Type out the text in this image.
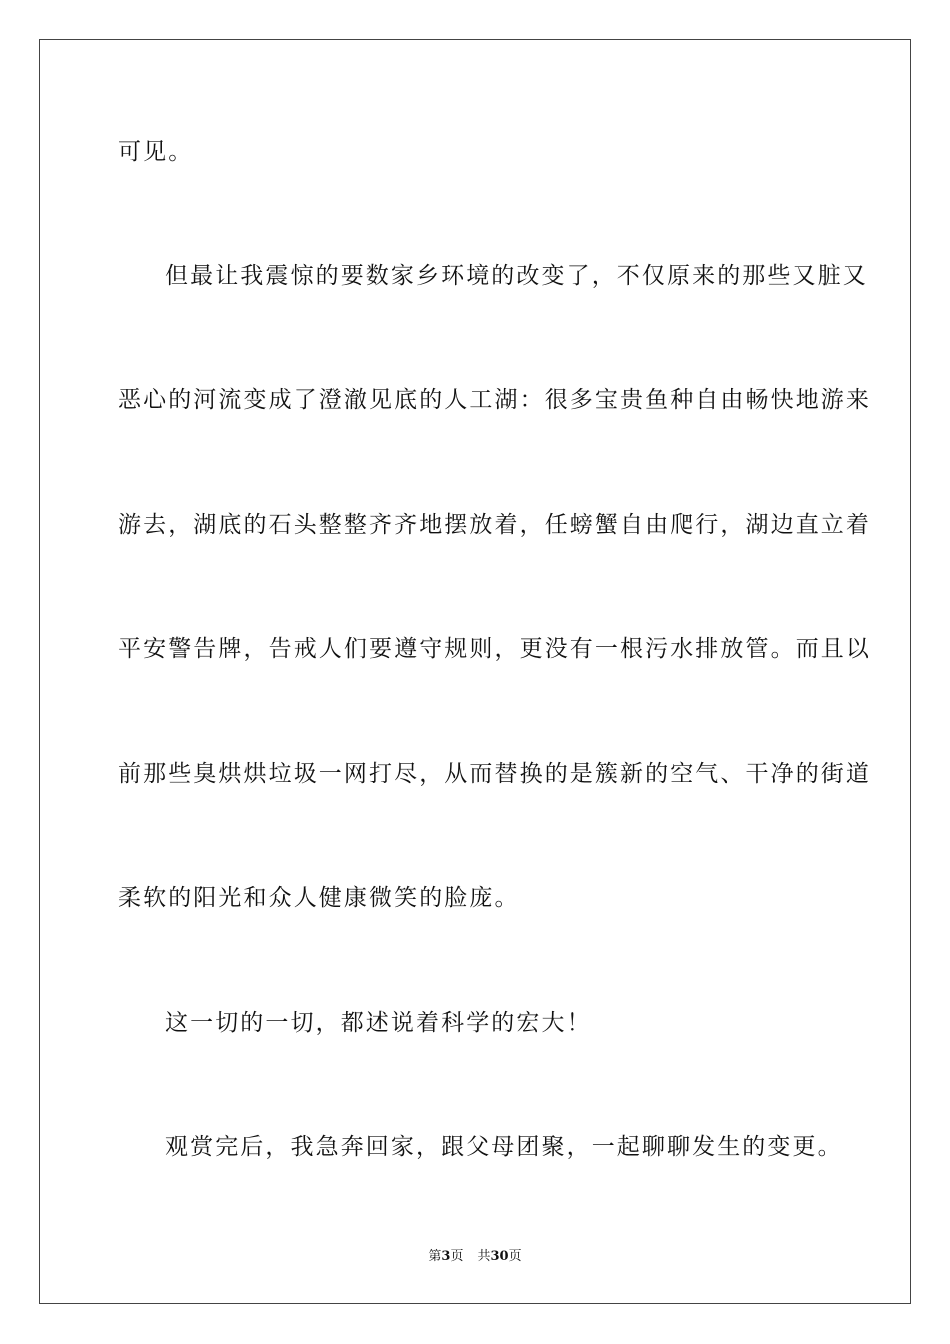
可见。
但最让我震惊的要数家乡环境的改变了，不仅原来的那些又脏又
恶心的河流变成了澄澈见底的人工湖：很多宝贵鱼种自由畅快地游来
游去，湖底的石头整整齐齐地摆放着，任螃蟹自由爬行，湖边直立着
平安警告牌，告戒人们要遵守规则，更没有一根污水排放管。而且以
前那些臭烘烘垃圾一网打尽，从而替换的是簇新的空气、干净的街道
柔软的阳光和众人健康微笑的脸庞。
这一切的一切，都述说着科学的宏大！
观赏完后，我急奔回家，跟父母团聚，一起聊聊发生的变更。
第3页 共30页
